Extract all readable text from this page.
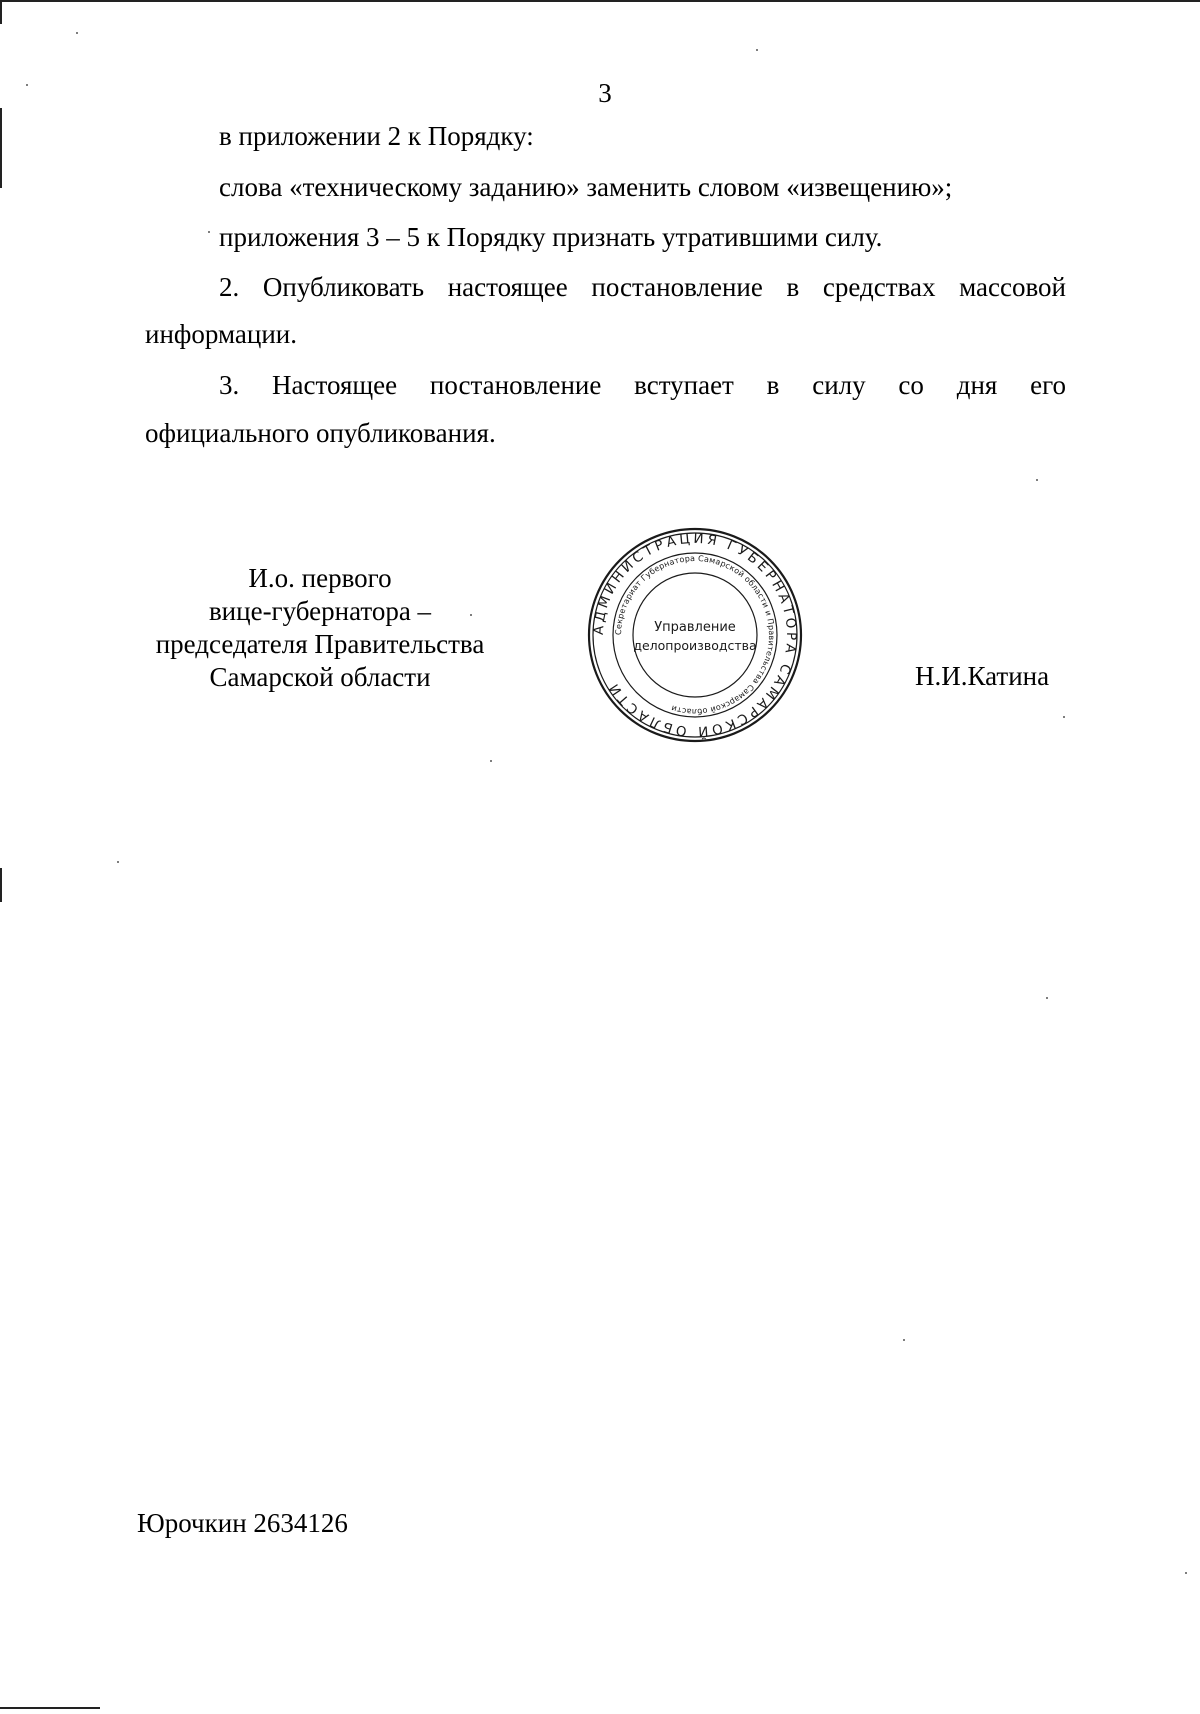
3
в приложении 2 к Порядку:
слова «техническому заданию» заменить словом «извещению»;
приложения 3 – 5 к Порядку признать утратившими силу.
2. Опубликовать настоящее постановление в средствах массовой
информации.
3. Настоящее постановление вступает в силу со дня его
официального опубликования.
И.о. первого
вице-губернатора –
председателя Правительства
Самарской области
АДМИНИСТРАЦИЯ ГУБЕРНАТОРА САМАРСКОЙ ОБЛАСТИ
Секретариат Губернатора Самарской области и Правительства Самарской области
Управление
делопроизводства
Н.И.Катина
Юрочкин 2634126
